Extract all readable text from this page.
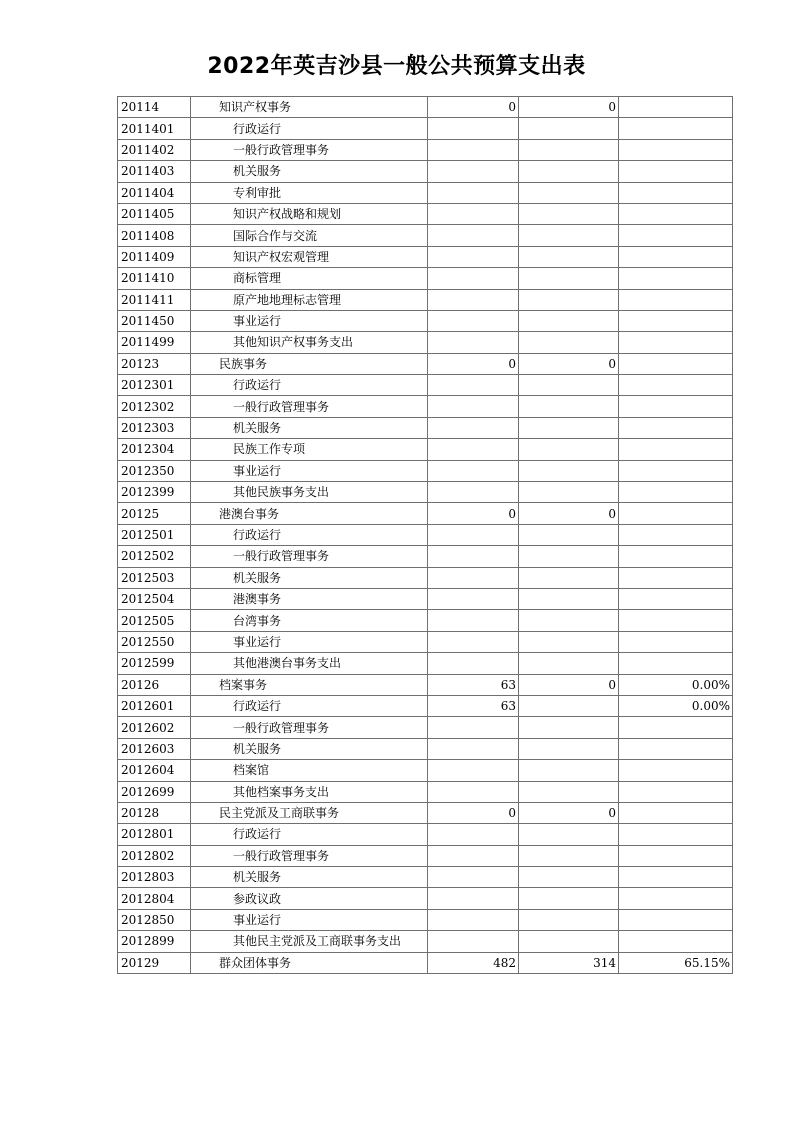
2022年英吉沙县一般公共预算支出表
20114	知识产权事务	0	0	
2011401	行政运行			
2011402	一般行政管理事务			
2011403	机关服务			
2011404	专利审批			
2011405	知识产权战略和规划			
2011408	国际合作与交流			
2011409	知识产权宏观管理			
2011410	商标管理			
2011411	原产地地理标志管理			
2011450	事业运行			
2011499	其他知识产权事务支出			
20123	民族事务	0	0	
2012301	行政运行			
2012302	一般行政管理事务			
2012303	机关服务			
2012304	民族工作专项			
2012350	事业运行			
2012399	其他民族事务支出			
20125	港澳台事务	0	0	
2012501	行政运行			
2012502	一般行政管理事务			
2012503	机关服务			
2012504	港澳事务			
2012505	台湾事务			
2012550	事业运行			
2012599	其他港澳台事务支出			
20126	档案事务	63	0	0.00%
2012601	行政运行	63		0.00%
2012602	一般行政管理事务			
2012603	机关服务			
2012604	档案馆			
2012699	其他档案事务支出			
20128	民主党派及工商联事务	0	0	
2012801	行政运行			
2012802	一般行政管理事务			
2012803	机关服务			
2012804	参政议政			
2012850	事业运行			
2012899	其他民主党派及工商联事务支出			
20129	群众团体事务	482	314	65.15%
